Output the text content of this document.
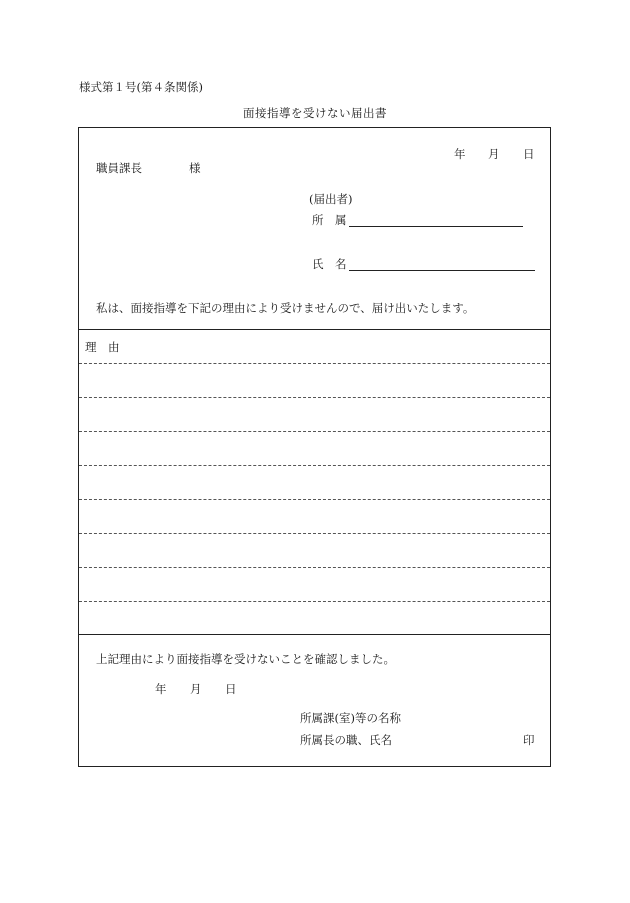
様式第１号(第４条関係)
面接指導を受けない届出書
年 月 日
職員課長	様
(届出者)
所　属
氏　名
私は、面接指導を下記の理由により受けませんので、届け出いたします。
理　由
上記理由により面接指導を受けないことを確認しました。
年 月 日
所属課(室)等の名称
所属長の職、氏名	印
